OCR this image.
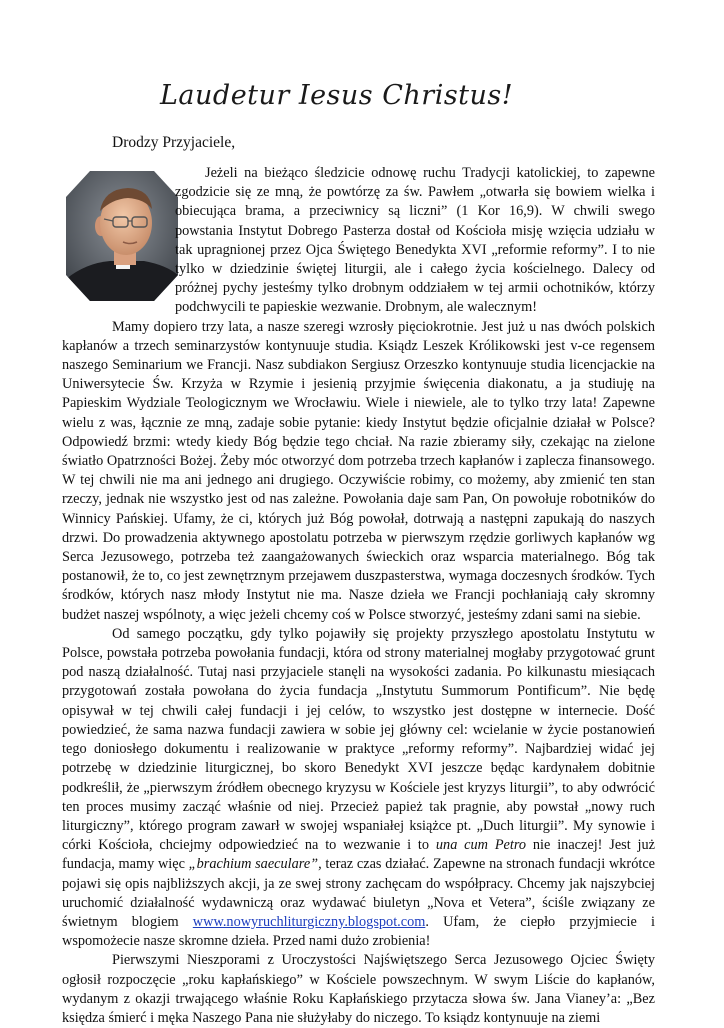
Laudetur Iesus Christus!
Drodzy Przyjaciele,

Jeżeli na bieżąco śledzicie odnowę ruchu Tradycji katolickiej, to zapewne zgodzicie się ze mną, że powtórzę za św. Pawłem „otwarła się bowiem wielka i obiecująca brama, a przeciwnicy są liczni” (1 Kor 16,9). W chwili swego powstania Instytut Dobrego Pasterza dostał od Kościoła misję wzięcia udziału w tak upragnionej przez Ojca Świętego Benedykta XVI „reformie reformy”. I to nie tylko w dziedzinie świętej liturgii, ale i całego życia kościelnego. Dalecy od próżnej pychy jesteśmy tylko drobnym oddziałem w tej armii ochotników, którzy podchwycili te papieskie wezwanie. Drobnym, ale walecznym!

Mamy dopiero trzy lata, a nasze szeregi wzrosły pięciokrotnie. Jest już u nas dwóch polskich kapłanów a trzech seminarzystów kontynuuje studia. Ksiądz Leszek Królikowski jest v-ce regensem naszego Seminarium we Francji. Nasz subdiakon Sergiusz Orzeszko kontynuuje studia licencjackie na Uniwersytecie Św. Krzyża w Rzymie i jesienią przyjmie święcenia diakonatu, a ja studiuję na Papieskim Wydziale Teologicznym we Wrocławiu. Wiele i niewiele, ale to tylko trzy lata! Zapewne wielu z was, łącznie ze mną, zadaje sobie pytanie: kiedy Instytut będzie oficjalnie działał w Polsce? Odpowiedź brzmi: wtedy kiedy Bóg będzie tego chciał. Na razie zbieramy siły, czekając na zielone światło Opatrzności Bożej. Żeby móc otworzyć dom potrzeba trzech kapłanów i zaplecza finansowego. W tej chwili nie ma ani jednego ani drugiego. Oczywiście robimy, co możemy, aby zmienić ten stan rzeczy, jednak nie wszystko jest od nas zależne. Powołania daje sam Pan, On powołuje robotników do Winnicy Pańskiej. Ufamy, że ci, których już Bóg powołał, dotrwają a następni zapukają do naszych drzwi. Do prowadzenia aktywnego apostolatu potrzeba w pierwszym rzędzie gorliwych kapłanów wg Serca Jezusowego, potrzeba też zaangażowanych świeckich oraz wsparcia materialnego. Bóg tak postanowił, że to, co jest zewnętrznym przejawem duszpasterstwa, wymaga doczesnych środków. Tych środków, których nasz młody Instytut nie ma. Nasze dzieła we Francji pochłaniają cały skromny budżet naszej wspólnoty, a więc jeżeli chcemy coś w Polsce stworzyć, jesteśmy zdani sami na siebie.

Od samego początku, gdy tylko pojawiły się projekty przyszłego apostolatu Instytutu w Polsce, powstała potrzeba powołania fundacji, która od strony materialnej mogłaby przygotować grunt pod naszą działalność. Tutaj nasi przyjaciele stanęli na wysokości zadania. Po kilkunastu miesiącach przygotowań została powołana do życia fundacja „Instytutu Summorum Pontificum”. Nie będę opisywał w tej chwili całej fundacji i jej celów, to wszystko jest dostępne w internecie. Dość powiedzieć, że sama nazwa fundacji zawiera w sobie jej główny cel: wcielanie w życie postanowień tego doniosłego dokumentu i realizowanie w praktyce „reformy reformy”. Najbardziej widać jej potrzebę w dziedzinie liturgicznej, bo skoro Benedykt XVI jeszcze będąc kardynałem dobitnie podkreślił, że „pierwszym źródłem obecnego kryzysu w Kościele jest kryzys liturgii”, to aby odwrócić ten proces musimy zacząć właśnie od niej. Przecież papież tak pragnie, aby powstał „nowy ruch liturgiczny”, którego program zawarł w swojej wspaniałej książce pt. „Duch liturgii”. My synowie i córki Kościoła, chciejmy odpowiedzieć na to wezwanie i to una cum Petro nie inaczej! Jest już fundacja, mamy więc „brachium saeculare”, teraz czas działać. Zapewne na stronach fundacji wkrótce pojawi się opis najbliższych akcji, ja ze swej strony zachęcam do współpracy. Chcemy jak najszybciej uruchomić działalność wydawniczą oraz wydawać biuletyn „Nova et Vetera”, ściśle związany ze świetnym blogiem www.nowyruchliturgiczny.blogspot.com. Ufam, że ciepło przyjmiecie i wspomożecie nasze skromne dzieła. Przed nami dużo zrobienia!

Pierwszymi Nieszporami z Uroczystości Najświętszego Serca Jezusowego Ojciec Święty ogłosił rozpoczęcie „roku kapłańskiego” w Kościele powszechnym. W swym Liście do kapłanów, wydanym z okazji trwającego właśnie Roku Kapłańskiego przytacza słowa św. Jana Vianey’a: „Bez księdza śmierć i męka Naszego Pana nie służyłaby do niczego. To ksiądz kontynuuje na ziemi
